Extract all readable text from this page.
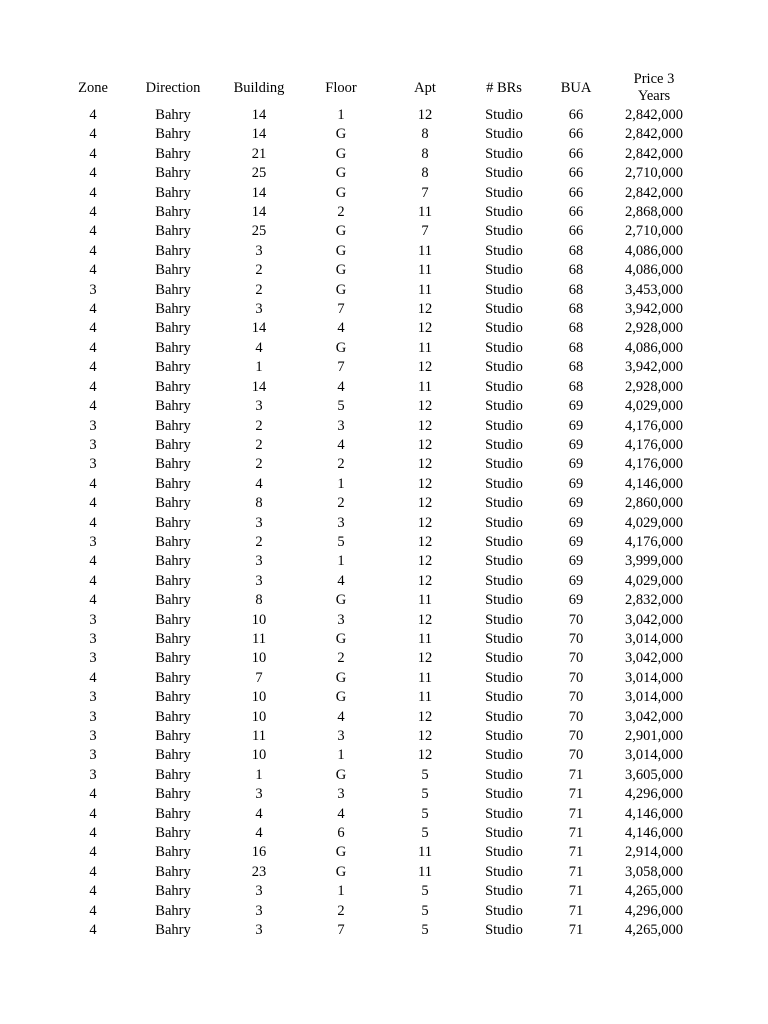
Zone	Direction	Building	Floor	Apt	# BRs	BUA	Price 3
Years
4	Bahry	14	1	12	Studio	66	2,842,000
4	Bahry	14	G	8	Studio	66	2,842,000
4	Bahry	21	G	8	Studio	66	2,842,000
4	Bahry	25	G	8	Studio	66	2,710,000
4	Bahry	14	G	7	Studio	66	2,842,000
4	Bahry	14	2	11	Studio	66	2,868,000
4	Bahry	25	G	7	Studio	66	2,710,000
4	Bahry	3	G	11	Studio	68	4,086,000
4	Bahry	2	G	11	Studio	68	4,086,000
3	Bahry	2	G	11	Studio	68	3,453,000
4	Bahry	3	7	12	Studio	68	3,942,000
4	Bahry	14	4	12	Studio	68	2,928,000
4	Bahry	4	G	11	Studio	68	4,086,000
4	Bahry	1	7	12	Studio	68	3,942,000
4	Bahry	14	4	11	Studio	68	2,928,000
4	Bahry	3	5	12	Studio	69	4,029,000
3	Bahry	2	3	12	Studio	69	4,176,000
3	Bahry	2	4	12	Studio	69	4,176,000
3	Bahry	2	2	12	Studio	69	4,176,000
4	Bahry	4	1	12	Studio	69	4,146,000
4	Bahry	8	2	12	Studio	69	2,860,000
4	Bahry	3	3	12	Studio	69	4,029,000
3	Bahry	2	5	12	Studio	69	4,176,000
4	Bahry	3	1	12	Studio	69	3,999,000
4	Bahry	3	4	12	Studio	69	4,029,000
4	Bahry	8	G	11	Studio	69	2,832,000
3	Bahry	10	3	12	Studio	70	3,042,000
3	Bahry	11	G	11	Studio	70	3,014,000
3	Bahry	10	2	12	Studio	70	3,042,000
4	Bahry	7	G	11	Studio	70	3,014,000
3	Bahry	10	G	11	Studio	70	3,014,000
3	Bahry	10	4	12	Studio	70	3,042,000
3	Bahry	11	3	12	Studio	70	2,901,000
3	Bahry	10	1	12	Studio	70	3,014,000
3	Bahry	1	G	5	Studio	71	3,605,000
4	Bahry	3	3	5	Studio	71	4,296,000
4	Bahry	4	4	5	Studio	71	4,146,000
4	Bahry	4	6	5	Studio	71	4,146,000
4	Bahry	16	G	11	Studio	71	2,914,000
4	Bahry	23	G	11	Studio	71	3,058,000
4	Bahry	3	1	5	Studio	71	4,265,000
4	Bahry	3	2	5	Studio	71	4,296,000
4	Bahry	3	7	5	Studio	71	4,265,000
